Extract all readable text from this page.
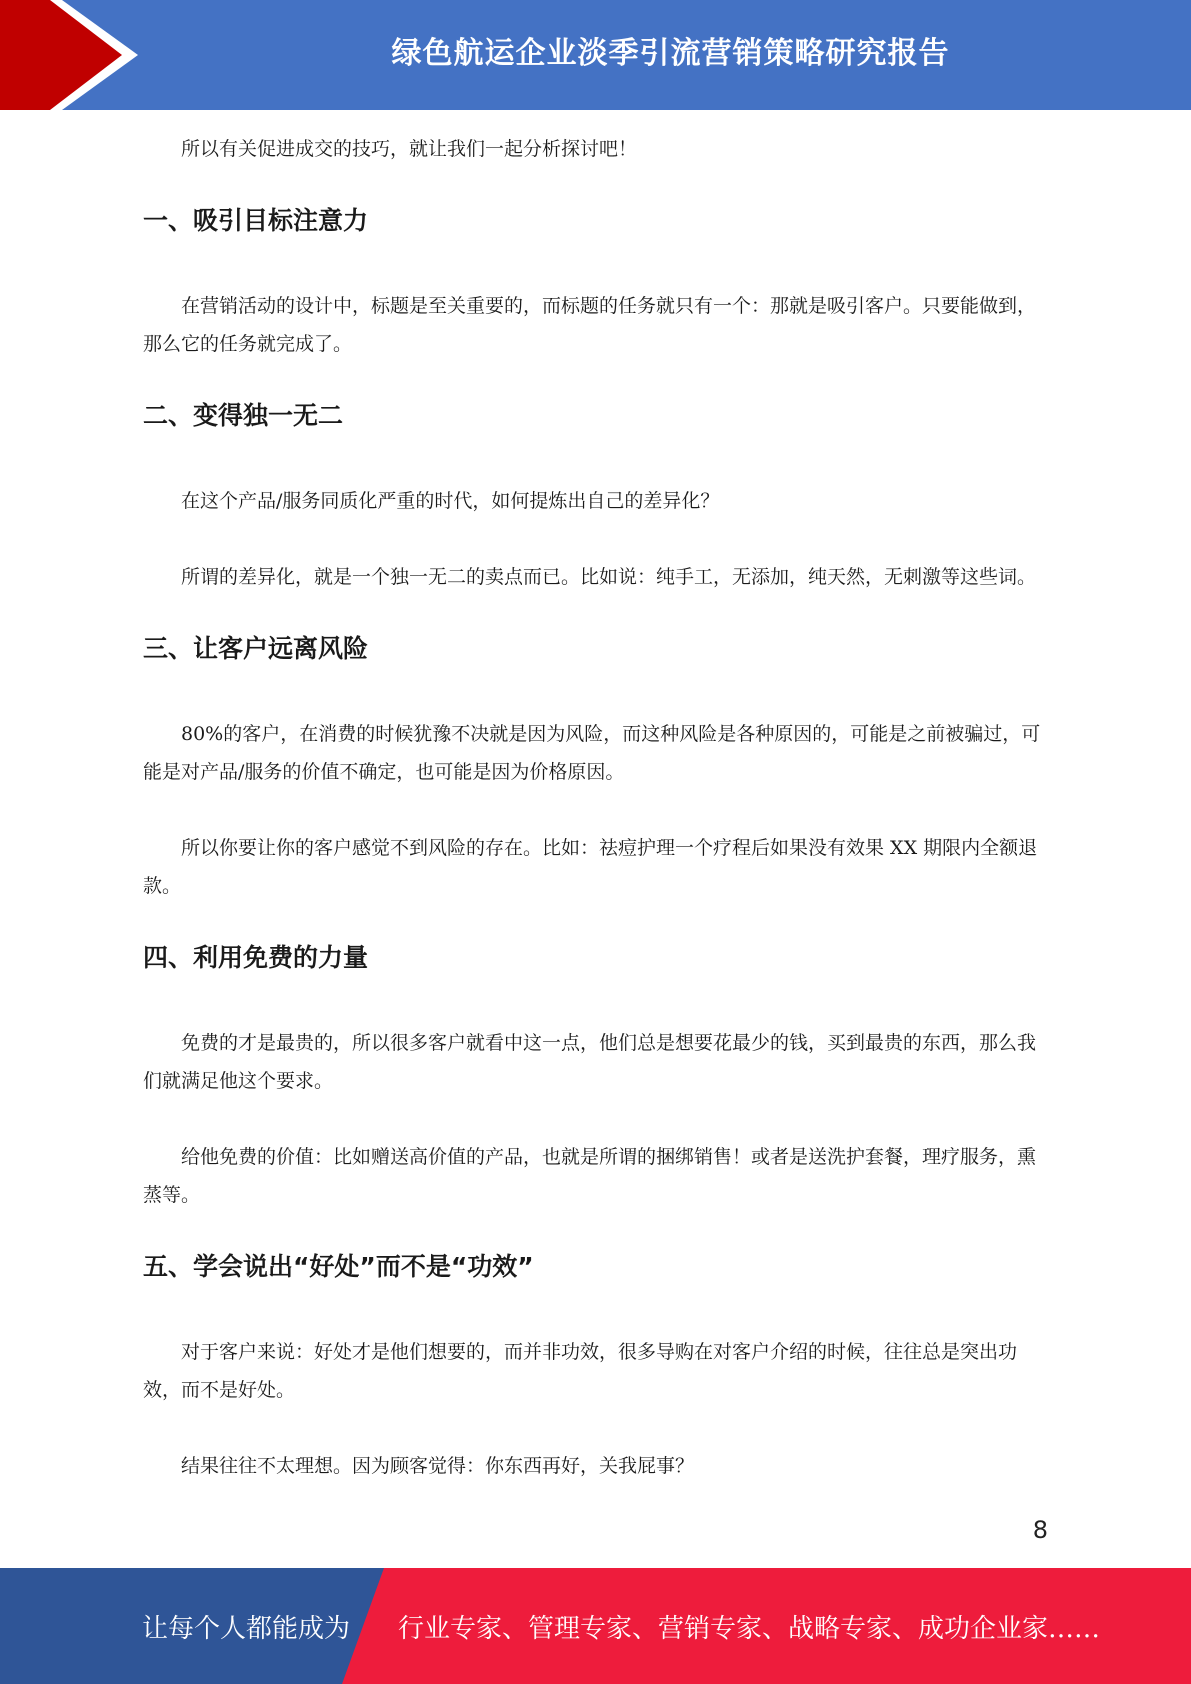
绿色航运企业淡季引流营销策略研究报告

所以有关促进成交的技巧，就让我们一起分析探讨吧！

一、吸引目标注意力

在营销活动的设计中，标题是至关重要的，而标题的任务就只有一个：那就是吸引客户。只要能做到，那么它的任务就完成了。

二、变得独一无二

在这个产品/服务同质化严重的时代，如何提炼出自己的差异化？

所谓的差异化，就是一个独一无二的卖点而已。比如说：纯手工，无添加，纯天然，无刺激等这些词。

三、让客户远离风险

80%的客户，在消费的时候犹豫不决就是因为风险，而这种风险是各种原因的，可能是之前被骗过，可能是对产品/服务的价值不确定，也可能是因为价格原因。

所以你要让你的客户感觉不到风险的存在。比如：祛痘护理一个疗程后如果没有效果 XX 期限内全额退款。

四、利用免费的力量

免费的才是最贵的，所以很多客户就看中这一点，他们总是想要花最少的钱，买到最贵的东西，那么我们就满足他这个要求。

给他免费的价值：比如赠送高价值的产品，也就是所谓的捆绑销售！或者是送洗护套餐，理疗服务，熏蒸等。

五、学会说出“好处”而不是“功效”

对于客户来说：好处才是他们想要的，而并非功效，很多导购在对客户介绍的时候，往往总是突出功效，而不是好处。

结果往往不太理想。因为顾客觉得：你东西再好，关我屁事？

8
让每个人都能成为 行业专家、管理专家、营销专家、战略专家、成功企业家……
